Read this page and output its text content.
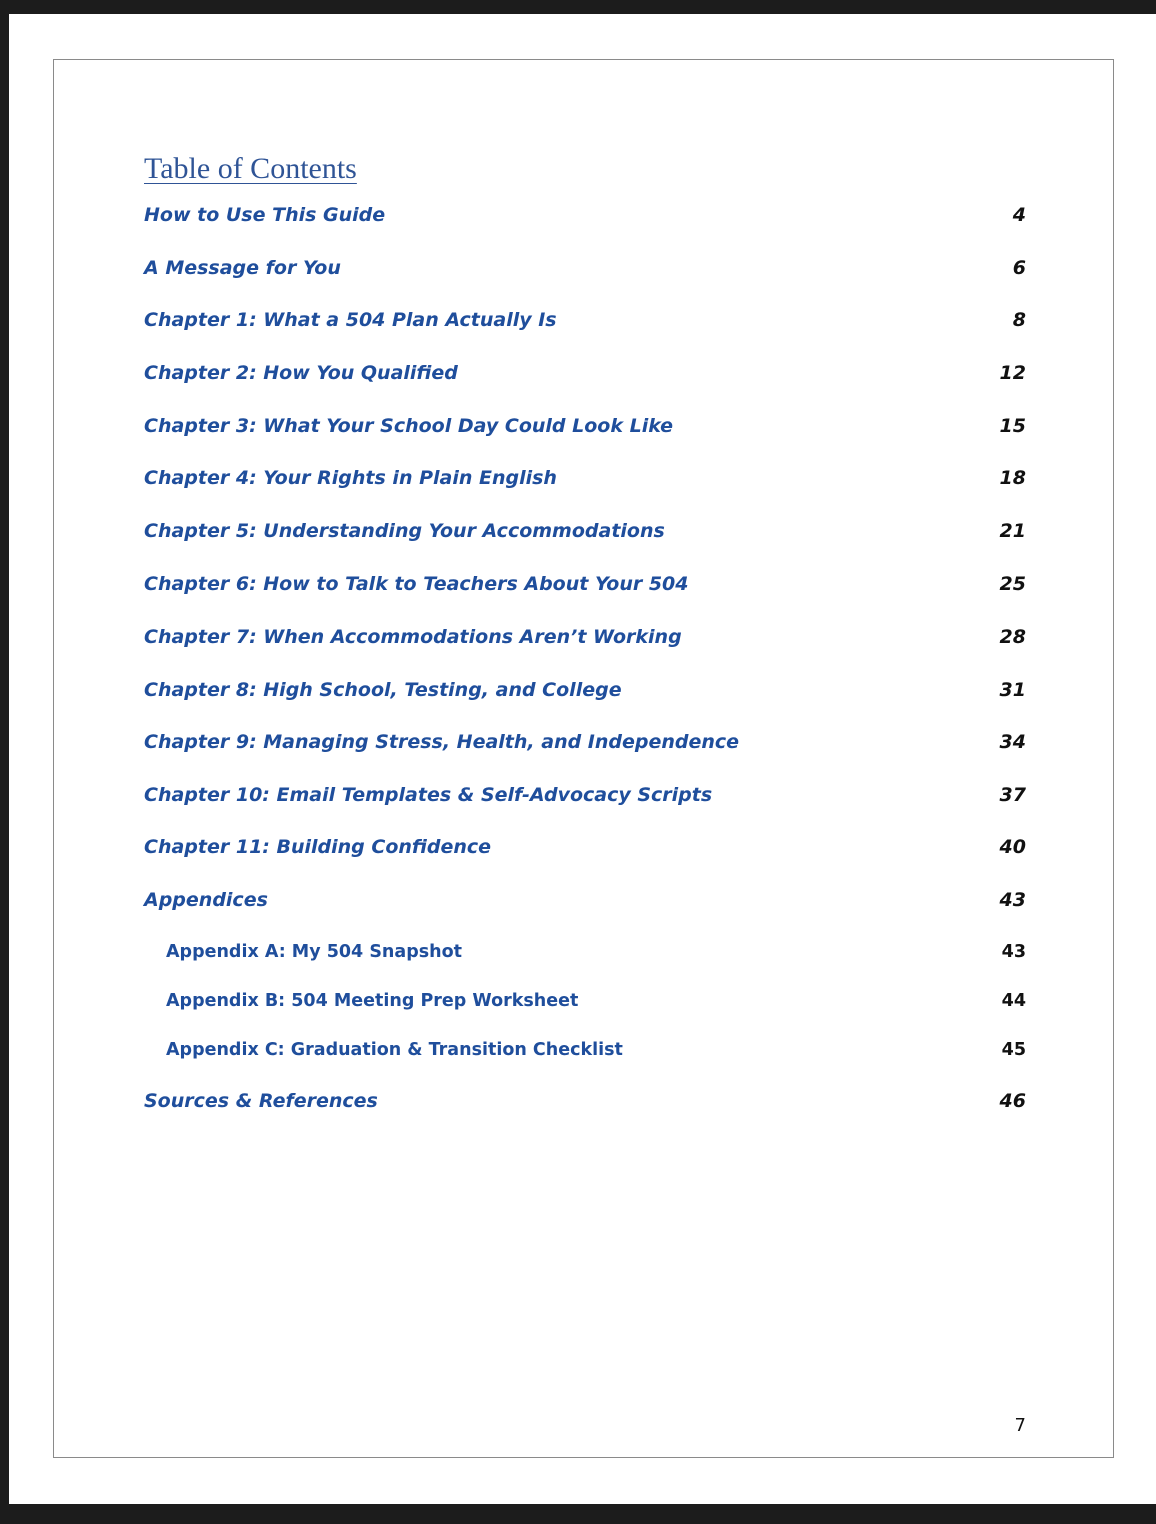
Table of Contents
How to Use This Guide	4
A Message for You	6
Chapter 1: What a 504 Plan Actually Is	8
Chapter 2: How You Qualified	12
Chapter 3: What Your School Day Could Look Like	15
Chapter 4: Your Rights in Plain English	18
Chapter 5: Understanding Your Accommodations	21
Chapter 6: How to Talk to Teachers About Your 504	25
Chapter 7: When Accommodations Aren’t Working	28
Chapter 8: High School, Testing, and College	31
Chapter 9: Managing Stress, Health, and Independence	34
Chapter 10: Email Templates & Self-Advocacy Scripts	37
Chapter 11: Building Confidence	40
Appendices	43
Appendix A: My 504 Snapshot	43
Appendix B: 504 Meeting Prep Worksheet	44
Appendix C: Graduation & Transition Checklist	45
Sources & References	46
7
